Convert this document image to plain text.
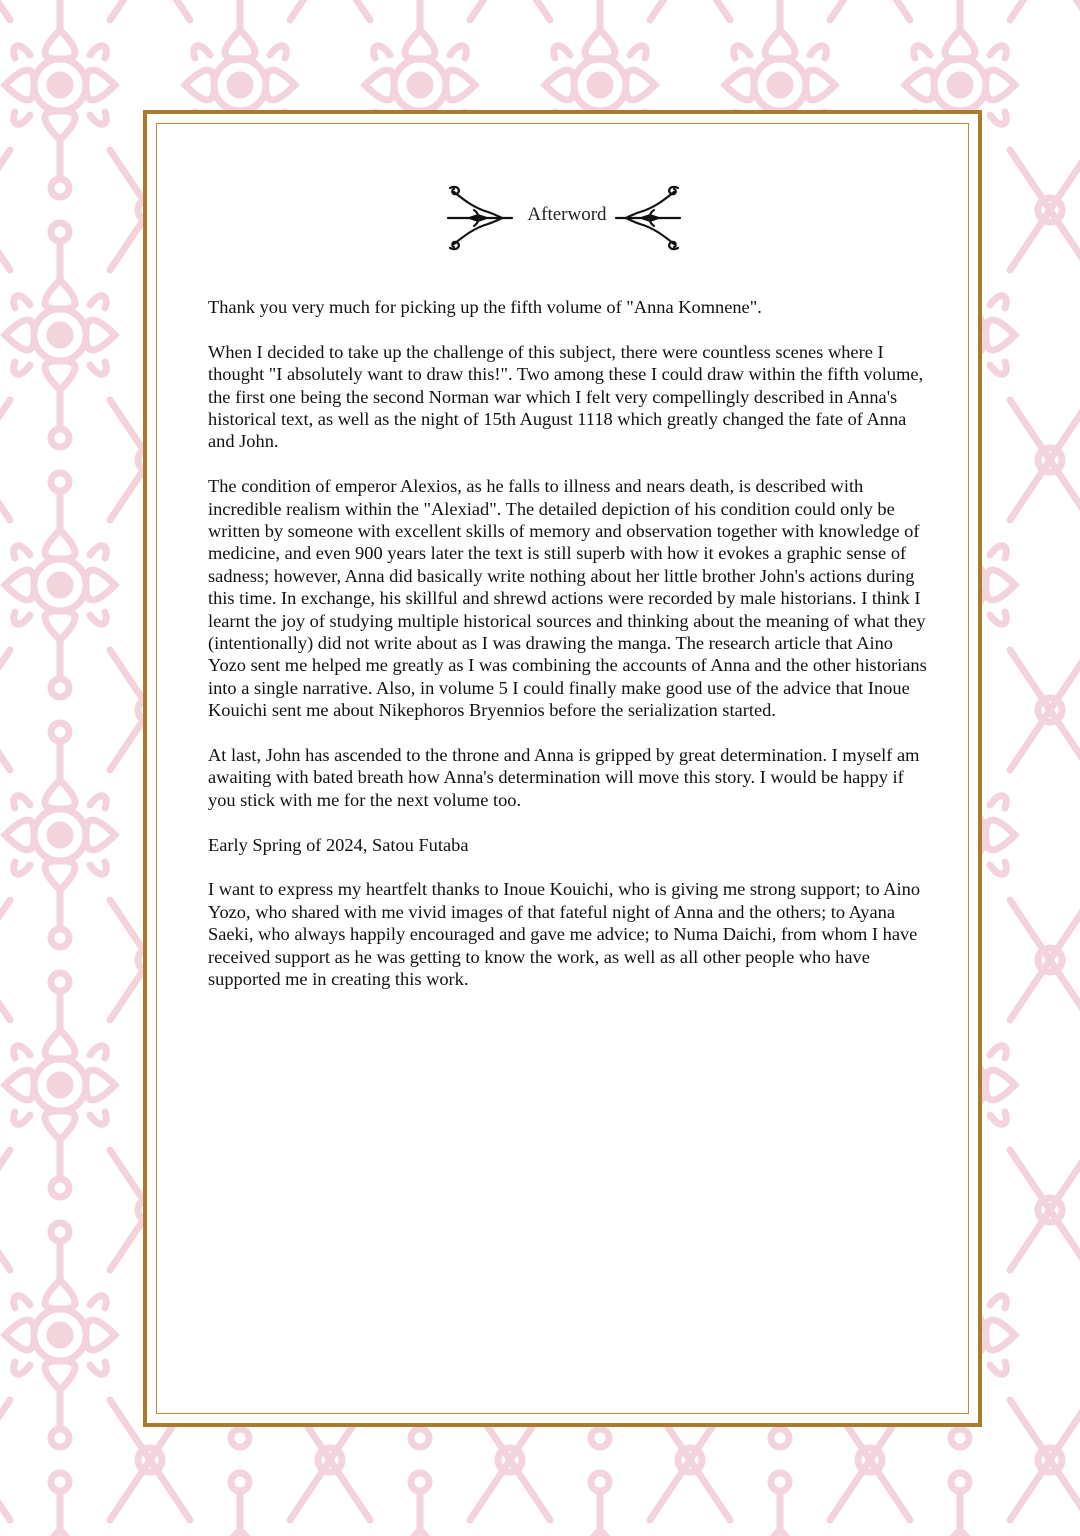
Afterword

Thank you very much for picking up the fifth volume of "Anna Komnene".

When I decided to take up the challenge of this subject, there were countless scenes where I thought "I absolutely want to draw this!". Two among these I could draw within the fifth volume, the first one being the second Norman war which I felt very compellingly described in Anna's historical text, as well as the night of 15th August 1118 which greatly changed the fate of Anna and John.

The condition of emperor Alexios, as he falls to illness and nears death, is described with incredible realism within the "Alexiad". The detailed depiction of his condition could only be written by someone with excellent skills of memory and observation together with knowledge of medicine, and even 900 years later the text is still superb with how it evokes a graphic sense of sadness; however, Anna did basically write nothing about her little brother John's actions during this time. In exchange, his skillful and shrewd actions were recorded by male historians. I think I learnt the joy of studying multiple historical sources and thinking about the meaning of what they (intentionally) did not write about as I was drawing the manga. The research article that Aino Yozo sent me helped me greatly as I was combining the accounts of Anna and the other historians into a single narrative. Also, in volume 5 I could finally make good use of the advice that Inoue Kouichi sent me about Nikephoros Bryennios before the serialization started.

At last, John has ascended to the throne and Anna is gripped by great determination. I myself am awaiting with bated breath how Anna's determination will move this story. I would be happy if you stick with me for the next volume too.

Early Spring of 2024, Satou Futaba

I want to express my heartfelt thanks to Inoue Kouichi, who is giving me strong support; to Aino Yozo, who shared with me vivid images of that fateful night of Anna and the others; to Ayana Saeki, who always happily encouraged and gave me advice; to Numa Daichi, from whom I have received support as he was getting to know the work, as well as all other people who have supported me in creating this work.
